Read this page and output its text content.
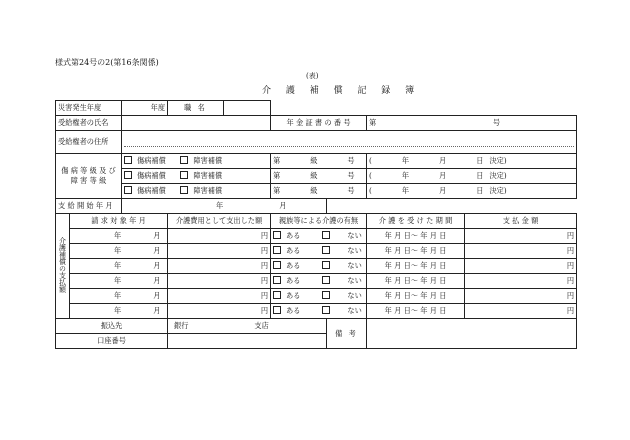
様式第24号の2(第16条関係)
(表)
介 護 補 償 記 録 簿
災害発生年度		年度	職 名					
受給権者の氏名					年 金 証 書 の 番 号		第 号	
受給権者の住所								

傷 病 等 級 及 び
障 害 等 級		傷病補償 障害補償			第 級 号		( 年 月 日 決定)	
		傷病補償 障害補償			第 級 号		( 年 月 日 決定)	
		傷病補償 障害補償			第 級 号		( 年 月 日 決定)	
支 給 開 始 年 月		年 月						
介護補償の支払額	請 求 対 象 年 月		介護費用として支出した額		親族等による介護の有無		介 護 を 受 け た 期 間	支 払 金 額
	年 月		円		ある ない		年 月 日〜 年 月 日	円
	年 月		円		ある ない		年 月 日〜 年 月 日	円
	年 月		円		ある ない		年 月 日〜 年 月 日	円
	年 月		円		ある ない		年 月 日〜 年 月 日	円
	年 月		円		ある ない		年 月 日〜 年 月 日	円
	年 月		円		ある ない		年 月 日〜 年 月 日	円
振込先			銀行 支店			備 考		
口座番号								
